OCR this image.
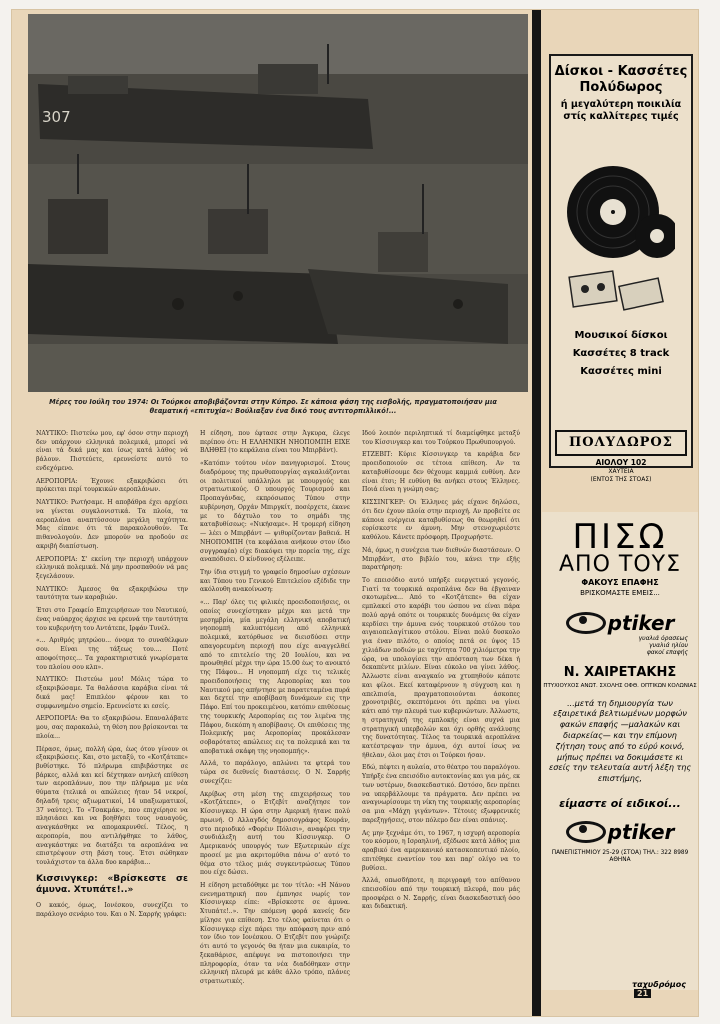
307
Μέρες του Ιούλη του 1974: Οι Τούρκοι αποβιβάζονται στην Κύπρο. Σε κάποια φάση της εισβολής, πραγματοποιήσαν μια θεαματική «επιτυχία»: Βούλιαξαν ένα δικό τους αντιτορπιλλικό!...

ΝΑΥΤΙΚΟ: Πιστεύω μου, εφ' όσον στην περιοχή δεν υπάρχουν ελληνικά πολεμικά, μπορεί νά είναι τά δικά μας και ίσως κατά λάθος νά βάλουν. Πιστεύετε, ερευνείστε αυτό το ενδεχόμενο.

ΑΕΡΟΠΟΡΙΑ: Έχουνε εξακριβώσει ότι πρόκειται περί τουρκικών αεροπλάνων.

ΝΑΥΤΙΚΟ: Ρωτήσαμε. Η αποβάθρα έχει αρχίσει να γίνεται συγκλονιστικά. Τα πλοία, τα αεροπλάνα αναπτύσσουν μεγάλη ταχύτητα. Μας είπανε ότι τά παρακολουθούν. Τα πιθανολογούν. Δεν μπορούν να προδούν σε ακριβή διαπίστωση.

ΑΕΡΟΠΟΡΙΑ: Σ' εκείνη την περιοχή υπάρχουν ελληνικά πολεμικά. Νά μην προσπαθούν νά μας ξεγελάσουν.

ΝΑΥΤΙΚΟ: Άμεσος θα εξακριβώσω την ταυτότητα των καραβιών.

Έτσι στο Γραφείο Επιχειρήσεων του Ναυτικού, ένας ναύαρχος άρχισε να ερευνά την ταυτότητα του κυβερνήτη του Αντάτεπε, Ιρφάν Τυνέλ.

«... Αριθμός μητρώου... όνομα το συναθέλφων σου. Είναι της τάξεως του.... Ποτέ αποφοίτησες... Τα χαρακτηριστικά γνωρίσματα του πλοίου σου κλπ».

ΝΑΥΤΙΚΟ: Πιστεύω μου! Μόλις τώρα το εξακριβώσαμε. Τα θαλάσσια καράβια είναι τά δικά μας! Επιπλέον φέρουν και το συμφωνημένο σημείο. Ερευνείστε κι εσείς.

ΑΕΡΟΠΟΡΙΑ: Θα το εξακριβώσω. Επαναλάβατε μου, σας παρακαλώ, τη θέση που βρίσκονται τα πλοία...

Πέρασε, όμως, πολλή ώρα, έως ότου γίνουν οι εξακριβώσεις. Και, στο μεταξύ, το «Κοτζάτεπε» βυθίστηκε. Τό πλήρωμα επιβιβάστηκε σε βάρκες, αλλά και κεί δέχτηκαν ανηλεή επίθεση των αεροπλάνων, που την πλήρωμα με νέα θύματα (τελικά οι απώλειες ήταν 54 νεκροί, δηλαδή τρεις αξιωματικοί, 14 υπαξιωματικοί, 37 ναύτες). Το «Τσακμάκ», που επιχείρησε να πλησιάσει και να βοηθήσει τους ναυαγούς, αναγκάσθηκε να απομακρυνθεί. Τέλος, η αεροπορία, που αντιλήφθηκε το λάθος, αναγκάστηκε να διατάξει τα αεροπλάνα να επιστρέψουν στη βάση τους. Έτσι σώθηκαν τουλάχιστον τα άλλα δυο καράβια...

Κισσινγκερ: «Βρίσκεστε σε άμυνα. Χτυπάτε!..»

Ο κακός, όμως, Ιονέσκου, συνεχίζει το παράλογο σενάριο του. Και ο Ν. Σαρρής γράφει:

Η είδηση, που έφτασε στην Άγκυρα, έλεγε περίπου ότι: Η ΕΛΛΗΝΙΚΗ ΝΗΟΠΟΜΠΗ ΕΙΧΕ ΒΛΗΘΕΙ (το κεφάλαια είναι του Μπιρβάντ).

«Κατόπιν τούτου νέον πανηγυρισμοί. Στους διαδρόμους της πρωθυπουργίας αγκαλιάζονται οι πολιτικοί υπάλληλοι με υπουργούς και στρατιωτικούς. Ο υπουργός Τουρισμού και Προπαγάνδας, εκπρόσωπος Τύπου στην κυβέρνηση, Ορχάν Μπιργκίτ, ποσέρχετε, έκανε με το δάχτυλο του το σημάδι της καταβυθίσεως: «Νικήσαμε». Η τρομερή είδηση — λέει ο Μπιρβάντ — ψιθυρίζονταν βαθειά. Η ΝΗΟΠΟΜΠΗ (τα κεφάλαια ανήκουν στον ίδιο συγγραφέα) είχε διακόψει την πορεία της, είχε αναπόδισει. Ο κίνδυνος εξέλειπε.

Την ίδια στιγμή το γραφείο δημοσίων σχέσεων και Τύπου του Γενικού Επιτελείου εξέδιδε την ακόλουθη ανακοίνωση:

«... Παρ' όλες τις φιλικές προειδοποιήσεις, οι οποίες συνεχίστηκαν μέχρι και μετά την μεσημβρία, μία μεγάλη ελληνική αποβατική νηοπομπή καλυπτόμενη από ελληνικά πολεμικά, κατόρθωσε να διεισδύσει στην απαγορευμένη περιοχή που είχε αναγγελθεί από το επιτελείο της 20 Ιουλίου, και να προωθηθεί μέχρι την ώρα 15.00 έως το ανοικτό της Πάφου... Η νηοπομπή είχε τις τελικές προειδοποιήσεις της Αεροπορίας και του Ναυτικού μας απήντησε με παρατεταμένα πυρά και δεχτεί την αποβίβαση δυνάμεων εις την Πάφο. Επί του προκειμένου, κατόπιν επιθέσεως της τουρκικής Αεροπορίας εις τον λιμένα της Πάφου, διεκόπη η αποβίβασις. Οι επιθέσεις της Πολεμικής μας Αεροπορίας προκάλεσαν σοβαρότατες απώλειες εις τα πολεμικά και τα αποβατικά σκάφη της νηοπομπής».

Αλλά, το παράλογο, απλώνει τα φτερά του τώρα σε διεθνείς διαστάσεις. Ο Ν. Σαρρής συνεχίζει:

Ακρίβως στη μέση της επιχειρήσεως του «Κοτζάτεπε», ο Ετζεβίτ αναζήτησε τον Κίσσινγκερ. Η ώρα στην Αμερική ήτανε πολύ πρωινή. Ο Αλλαγδός δημοσιογράφος Κουράν, στο περιοδικό «Φορέιν Πόλισι», αναφέρει την συνδιάλεξη αυτή του Κίσσινγκερ. Ο Αμερικανός υπουργός των Εξωτερικών είχε προσεί με μια ακριτομύθια πάνω σ' αυτό το θέμα στο τέλος μιάς συγκεντρώσεως Τύπου που είχε δώσει.

Η είδηση μεταδόθηκε με τον τίτλο: «Η Νάνου ενενηματηρική που έμπνησε νωρίς τον Κίσσινγκερ είπε: «Βρίσκεστε σε άμυνα. Χτυπάτε!..». Την επόμενη φορά κανείς δεν μίλησε για επίθεση. Στο τέλος φαίνεται ότι ο Κίσσινγκερ είχε πάρει την απόφαση πριν από τον ίδιο τον Ιονέσκου. Ο Ετζεβίτ που γνώριζε ότι αυτό το γεγονός θα ήταν μια ευκαιρία, το ξεκαθάρισε, απέφυγε να πιστοποιήσει την πληροφορία, όταν τα νέα διαδόθηκαν στην ελληνική πλευρά με κάθε άλλο τρόπο, πλάνες στρατιωτικές.

Ιδού λοιπόν περιληπτικά τί διαμείφθηκε μεταξύ του Κίσσινγκερ και του Τούρκου Πρωθυπουργού.

ΕΤΖΕΒΙΤ: Κύριε Κίσσινγκερ τα καράβια δεν προειδοποιούν σε τέτοια επίθεση. Αν τα καταβυθίσουμε δεν θέχουμε καμμιά ευθύνη. Δεν είναι έτσι; Η ευθύνη θα ανήκει στους Έλληνες. Ποιά είναι η γνώμη σας;

ΚΙΣΣΙΝΓΚΕΡ: Οι Έλληνες μάς είχανε δηλώσει, ότι δεν έχουν πλοία στην περιοχή. Αν προβείτε σε κάποια ενέργεια καταβυθίσεως θα θεωρηθεί ότι ευρίσκεστε εν άμυνη. Μην στενοχωριέστε καθόλου. Κάνετε πρόσφορη. Προχωρήστε.

Νά, όμως, η συνέχεια των διεθνών διαστάσεων. Ο Μπιρβάντ, στο βιβλίο του, κάνει την εξής παρατήρηση:

Το επεισόδιο αυτό υπήρξε ευεργετικό γεγονός. Γιατί τα τουρκικά αεροπλάνα δεν θα έβγαιναν σκοτωμένα... Από το «Κοτζάτεπε» θα είχαν εμπλακεί στο καράβι του ώσπου να είναι πάρα πολύ αργά οπότε οι τουρκικές δυνάμεις θα είχαν κερδίσει την άμυνα ενός τουρκικού στόλου του αιγαιοπελαγίτικου στόλου. Είναι πολύ δυσκολο για έναν πιλότο, ο οποίος πετά σε ύψος 15 χιλιάδων ποδιών με ταχύτητα 700 χιλιόμετρα την ώρα, να υπολογίσει την απόσταση των δέκα ή δεκαπέντε μιλίων. Είναι εύκολο να γίνει λάθος. Άλλωστε είναι αναγκαίο να χτυπηθούν κάποτε και φίλοι. Εκεί καταφέρνουν η σύγχυση και η απελπισία, πραγματοποιούνται άσκοπες χρονοτριβές, σκεπτόμενοι ότι πρέπει να γίνει κάτι από την πλευρά των κυβερνώντων. Άλλωστε, η στρατηγική της εμπλοκής είναι συχνά μια στρατηγική υπερβολών και όχι ορθής ανάλυσης της δυνατότητας. Τέλος τα τουρκικά αεροπλάνα κατέστρεψαν την άμυνα, όχι αυτοί ίσως να ήθελαν, όλοι μας έτσι οι Τούρκοι ήσαν.

Εδώ, πέφτει η αυλαία, στο θέατρο του παραλόγου. Υπήρξε ένα επεισόδιο αυτοκτονίας και για μάς, εκ των υστέρων, διασκεδαστικό. Ωστόσο, δεν πρέπει να υπερβάλλουμε τα πράγματα. Δεν πρέπει να αναγνωρίσουμε τη νίκη της τουρκικής αεροπορίας σα μια «Μάχη γιγάντων». Τέτοιες εξωφρενικές παρεξηγήσεις, στον πόλεμο δεν είναι σπάνιες.

Ας μην ξεχνάμε ότι, το 1967, η ισχυρή αεροπορία του κόσμου, η Ισραηλινή, εξέδωσε κατά λάθος μια αραβικό ένα αμερικανικό κατασκοπευτικό πλοίο, επιτέθηκε εναντίον του και παρ' ολίγο να το βυθίσει.

Άλλά, οπωσδήποτε, η περιγραφή του απίθανου επεισοδίου από την τουρκική πλευρά, που μάς προσφέρει ο Ν. Σαρρής, είναι διασκεδαστική όσο και διδακτική.

Δίσκοι - Κασσέτες Πολύδωρος
ή μεγαλύτερη ποικιλία στίς καλλίτερες τιμές
Μουσικοί δίσκοι
Κασσέτες 8 track
Κασσέτες mini
ΠΟΛΥΔΩΡΟΣ
ΑΙΟΛΟΥ 102
ΧΑΥΤΕΙΑ
(ΕΝΤΟΣ ΤΗΣ ΣΤΟΑΣ)
ΠΙΣΩ
ΑΠΟ ΤΟΥΣ
ΦΑΚΟΥΣ ΕΠΑΦΗΣ
ΒΡΙΣΚΟΜΑΣΤΕ ΕΜΕΙΣ...
ptiker
γυαλιά όρασεως
γυαλιά ηλίου
φακοί επαφής
Ν. ΧΑΙΡΕΤΑΚΗΣ
ΠΤΥΧΙΟΥΧΟΣ ΑΝΩΤ. ΣΧΟΛΗΣ ΟΦΘ. ΟΠΤΙΚΩΝ ΚΟΛΩΝΙΑΣ
...μετά τη δημιουργία των εξαιρετικά βελτιωμένων μορφών φακών επαφής —μαλακών και διαρκείας— και την επίμονη ζήτηση τους από το εύρύ κοινό, μήπως πρέπει να δοκιμάσετε κι εσείς την τελευταία αυτή λέξη της επιστήμης,
είμαστε οί ειδικοί...
ptiker
ΠΑΝΕΠΙΣΤΗΜΙΟΥ 25-29 (ΣΤΟΑ) ΤΗΛ.: 322 8989
ΑΘΗΝΑ
ταχυδρόμος 21
